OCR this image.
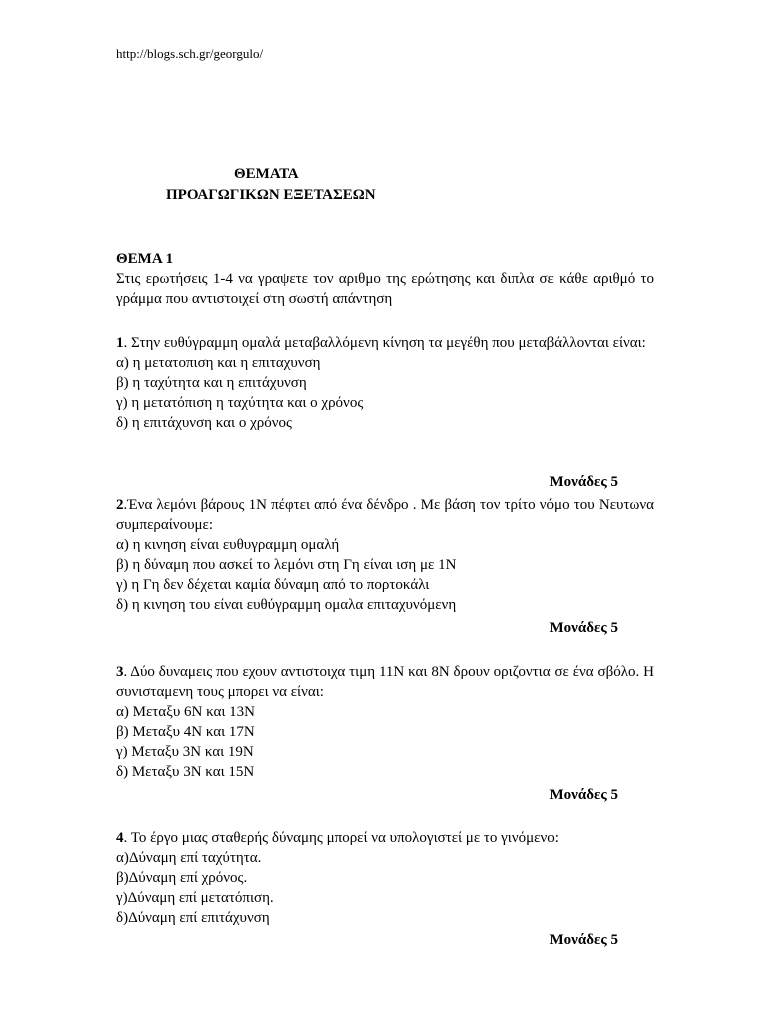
http://blogs.sch.gr/georgulo/
ΘΕΜΑΤΑ
ΠΡΟΑΓΩΓΙΚΩΝ ΕΞΕΤΑΣΕΩΝ
ΘΕΜΑ 1
Στις ερωτήσεις 1-4 να γραψετε τον αριθμο της ερώτησης και διπλα σε κάθε αριθμό το γράμμα που αντιστοιχεί στη σωστή απάντηση
1. Στην ευθύγραμμη ομαλά μεταβαλλόμενη κίνηση τα μεγέθη που μεταβάλλονται είναι:
α) η μετατοπιση και η επιταχυνση
β) η ταχύτητα και η επιτάχυνση
γ) η μετατόπιση η ταχύτητα και ο χρόνος
δ) η επιτάχυνση και ο χρόνος
Μονάδες 5
2.Ένα λεμόνι βάρους 1N πέφτει από ένα δένδρο . Με βάση τον τρίτο νόμο του Νευτωνα συμπεραίνουμε:
α) η κινηση είναι ευθυγραμμη ομαλή
β) η δύναμη που ασκεί το λεμόνι στη Γη είναι ιση με 1N
γ) η Γη δεν δέχεται καμία δύναμη από το πορτοκάλι
δ) η κινηση του είναι ευθύγραμμη ομαλα επιταχυνόμενη
Μονάδες 5
3. Δύο δυναμεις που εχουν αντιστοιχα τιμη 11N και 8N δρουν οριζοντια σε ένα σβόλο. Η συνισταμενη τους μπορει να είναι:
α) Μεταξυ 6N και 13N
β) Μεταξυ 4N και 17N
γ) Μεταξυ 3N και 19N
δ) Μεταξυ 3N και 15N
Μονάδες 5
4. Το έργο μιας σταθερής δύναμης μπορεί να υπολογιστεί με το γινόμενο:
α)Δύναμη επί ταχύτητα.
β)Δύναμη επί χρόνος.
γ)Δύναμη επί μετατόπιση.
δ)Δύναμη επί επιτάχυνση
Μονάδες 5
